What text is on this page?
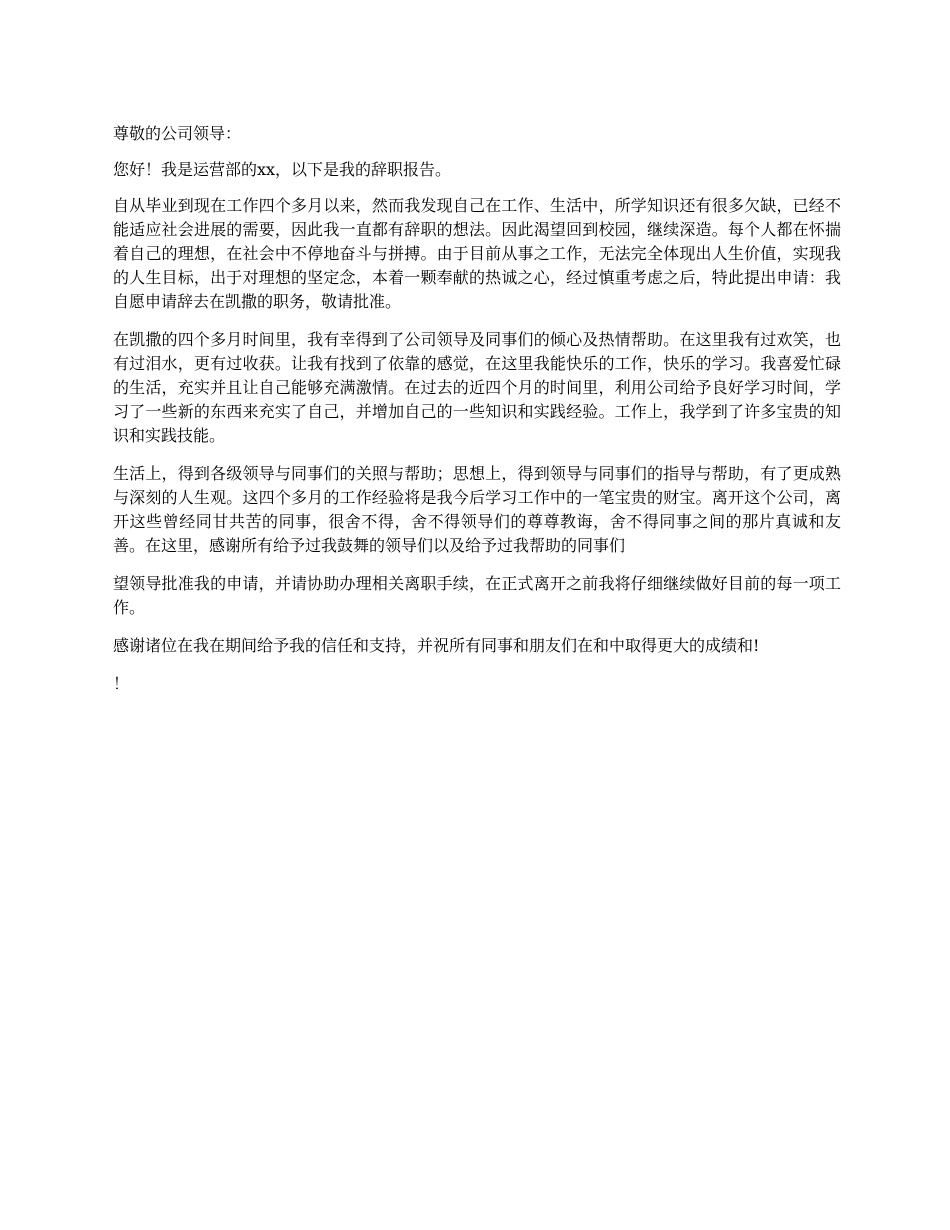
尊敬的公司领导：

您好！我是运营部的xx，以下是我的辞职报告。

自从毕业到现在工作四个多月以来，然而我发现自己在工作、生活中，所学知识还有很多欠缺，已经不能适应社会进展的需要，因此我一直都有辞职的想法。因此渴望回到校园，继续深造。每个人都在怀揣着自己的理想，在社会中不停地奋斗与拼搏。由于目前从事之工作，无法完全体现出人生价值，实现我的人生目标，出于对理想的坚定念，本着一颗奉献的热诚之心，经过慎重考虑之后，特此提出申请：我自愿申请辞去在凯撒的职务，敬请批准。

在凯撒的四个多月时间里，我有幸得到了公司领导及同事们的倾心及热情帮助。在这里我有过欢笑，也有过泪水，更有过收获。让我有找到了依靠的感觉，在这里我能快乐的工作，快乐的学习。我喜爱忙碌的生活，充实并且让自己能够充满激情。在过去的近四个月的时间里，利用公司给予良好学习时间，学习了一些新的东西来充实了自己，并增加自己的一些知识和实践经验。工作上，我学到了许多宝贵的知识和实践技能。

生活上，得到各级领导与同事们的关照与帮助；思想上，得到领导与同事们的指导与帮助，有了更成熟与深刻的人生观。这四个多月的工作经验将是我今后学习工作中的一笔宝贵的财宝。离开这个公司，离开这些曾经同甘共苦的同事，很舍不得，舍不得领导们的尊尊教诲，舍不得同事之间的那片真诚和友善。在这里，感谢所有给予过我鼓舞的领导们以及给予过我帮助的同事们

望领导批准我的申请，并请协助办理相关离职手续，在正式离开之前我将仔细继续做好目前的每一项工作。

感谢诸位在我在期间给予我的信任和支持，并祝所有同事和朋友们在和中取得更大的成绩和!

！
